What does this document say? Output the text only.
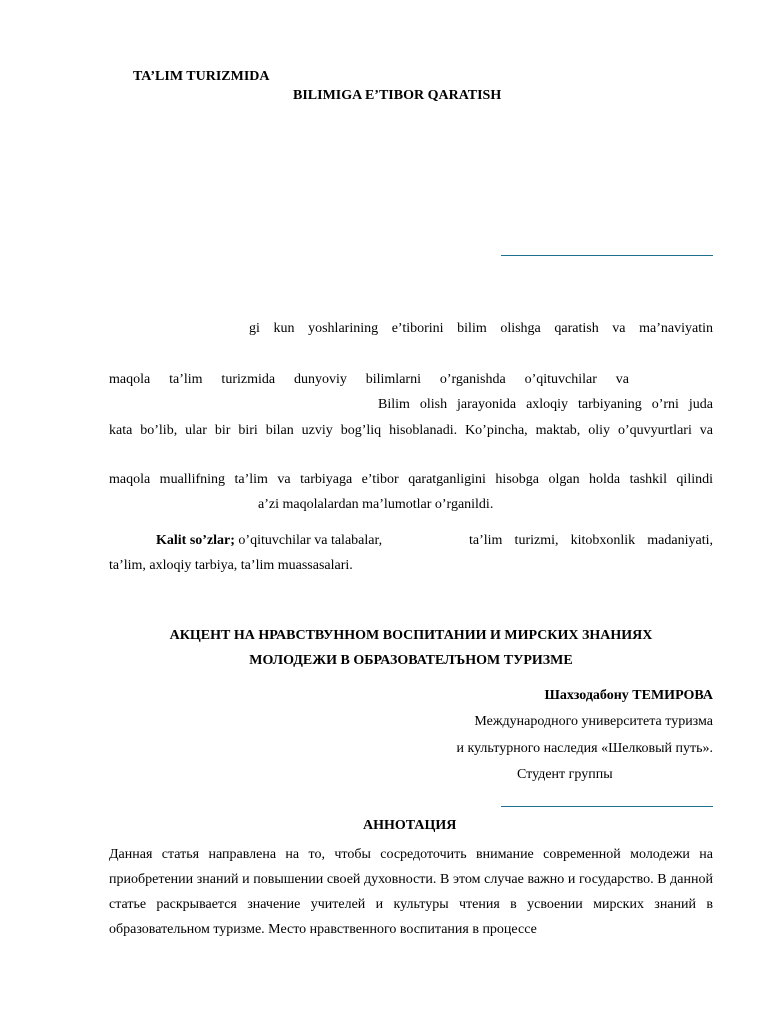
TA’LIM TURIZMIDA
BILIMIGA E’TIBOR QARATISH
gi kun yoshlarining e’tiborini bilim olishga qaratish va ma’naviyatin
maqola ta’lim turizmida dunyoviy bilimlarni o’rganishda o’qituvchilar va
Bilim olish jarayonida axloqiy tarbiyaning o’rni juda
kata bo’lib, ular bir biri bilan uzviy bog’liq hisoblanadi. Ko’pincha, maktab, oliy o’quvyurtlari va
maqola muallifning ta’lim va tarbiyaga e’tibor qaratganligini hisobga olgan holda tashkil qilindi
a’zi maqolalardan ma’lumotlar o’rganildi.
Kalit so’zlar; o’qituvchilar va talabalar,	ta’lim turizmi, kitobxonlik madaniyati,
ta’lim, axloqiy tarbiya, ta’lim muassasalari.
АКЦЕНТ НА НРАВСТВУННОМ ВОСПИТАНИИ И МИРСКИХ ЗНАНИЯХ
МОЛОДЕЖИ В ОБРАЗОВАТЕЛЪНОМ ТУРИЗМЕ
Шахзодабону ТЕМИРОВА
Международного университета туризма
и культурного наследия «Шелковый путь».
Студент группы
АННОТАЦИЯ
Данная статья направлена на то, чтобы сосредоточить внимание современной молодежи на приобретении знаний и повышении своей духовности. В этом случае важно и государство. В данной статье раскрывается значение учителей и культуры чтения в усвоении мирских знаний в образовательном туризме. Место нравственного воспитания в процессе
